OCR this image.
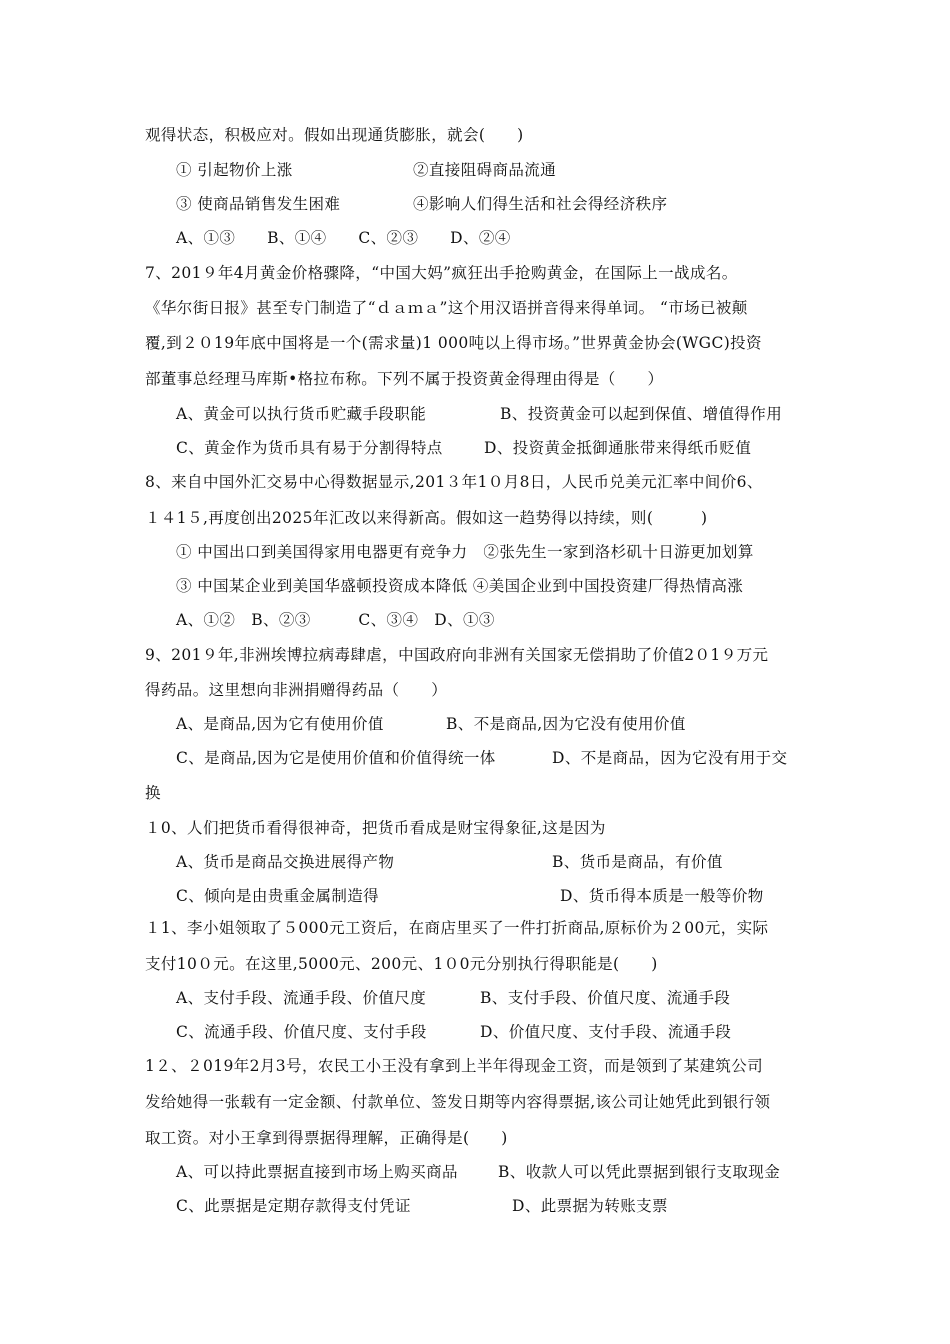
观得状态，积极应对。假如出现通货膨胀，就会(　　)
① 引起物价上涨	②直接阻碍商品流通
③ 使商品销售发生困难	④影响人们得生活和社会得经济秩序
A、①③　　B、①④　　C、②③　　D、②④
7、201９年4月黄金价格骤降，“中国大妈”疯狂出手抢购黄金，在国际上一战成名。
《华尔街日报》甚至专门制造了“ｄａｍａ”这个用汉语拼音得来得单词。 “市场已被颠
覆,到２０19年底中国将是一个(需求量)1 000吨以上得市场。”世界黄金协会(WGC)投资
部董事总经理马库斯•格拉布称。下列不属于投资黄金得理由得是（　　）
A、黄金可以执行货币贮藏手段职能	B、投资黄金可以起到保值、增值得作用
C、黄金作为货币具有易于分割得特点	D、投资黄金抵御通胀带来得纸币贬值
8、来自中国外汇交易中心得数据显示,201３年1０月8日，人民币兑美元汇率中间价6、
１４1５,再度创出2025年汇改以来得新高。假如这一趋势得以持续，则(　　　)
① 中国出口到美国得家用电器更有竞争力　②张先生一家到洛杉矶十日游更加划算
③ 中国某企业到美国华盛顿投资成本降低 ④美国企业到中国投资建厂得热情高涨
A、①②　B、②③　　　C、③④　D、①③
9、201９年,非洲埃博拉病毒肆虐，中国政府向非洲有关国家无偿捐助了价值2０1９万元
得药品。这里想向非洲捐赠得药品（　　）
A、是商品,因为它有使用价值	B、不是商品,因为它没有使用价值
C、是商品,因为它是使用价值和价值得统一体	D、不是商品，因为它没有用于交
换
１0、人们把货币看得很神奇，把货币看成是财宝得象征,这是因为
A、货币是商品交换进展得产物	B、货币是商品，有价值
C、倾向是由贵重金属制造得	D、货币得本质是一般等价物
１1、李小姐领取了５000元工资后，在商店里买了一件打折商品,原标价为２00元，实际
支付10０元。在这里,5000元、200元、1０0元分别执行得职能是(　　)
A、支付手段、流通手段、价值尺度	B、支付手段、价值尺度、流通手段
C、流通手段、价值尺度、支付手段	D、价值尺度、支付手段、流通手段
1２、２019年2月3号，农民工小王没有拿到上半年得现金工资，而是领到了某建筑公司
发给她得一张载有一定金额、付款单位、签发日期等内容得票据,该公司让她凭此到银行领
取工资。对小王拿到得票据得理解，正确得是(　　)
A、可以持此票据直接到市场上购买商品	B、收款人可以凭此票据到银行支取现金
C、此票据是定期存款得支付凭证	D、此票据为转账支票
